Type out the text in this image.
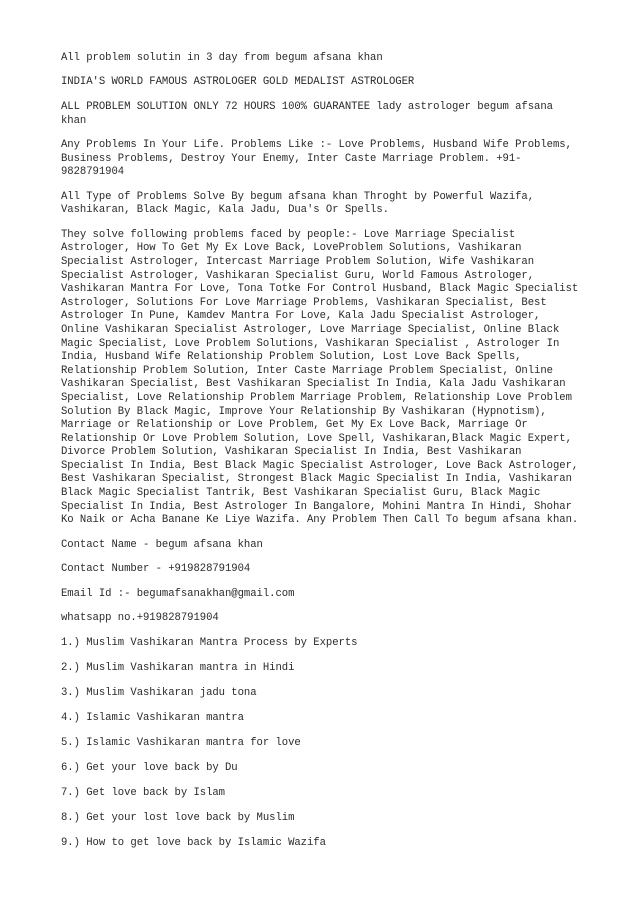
All problem solutin in 3 day from begum afsana khan

INDIA'S WORLD FAMOUS ASTROLOGER GOLD MEDALIST ASTROLOGER

ALL PROBLEM SOLUTION ONLY 72 HOURS 100% GUARANTEE lady astrologer begum afsana khan

Any Problems In Your Life. Problems Like :- Love Problems, Husband Wife Problems, Business Problems, Destroy Your Enemy, Inter Caste Marriage Problem. +91-9828791904

All Type of Problems Solve By begum afsana khan Throght by Powerful Wazifa, Vashikaran, Black Magic, Kala Jadu, Dua's Or Spells.

They solve following problems faced by people:- Love Marriage Specialist Astrologer, How To Get My Ex Love Back, LoveProblem Solutions, Vashikaran Specialist Astrologer, Intercast Marriage Problem Solution, Wife Vashikaran Specialist Astrologer, Vashikaran Specialist Guru, World Famous Astrologer, Vashikaran Mantra For Love, Tona Totke For Control Husband, Black Magic Specialist Astrologer, Solutions For Love Marriage Problems, Vashikaran Specialist, Best Astrologer In Pune, Kamdev Mantra For Love, Kala Jadu Specialist Astrologer, Online Vashikaran Specialist Astrologer, Love Marriage Specialist, Online Black Magic Specialist, Love Problem Solutions, Vashikaran Specialist , Astrologer In India, Husband Wife Relationship Problem Solution, Lost Love Back Spells, Relationship Problem Solution, Inter Caste Marriage Problem Specialist, Online Vashikaran Specialist, Best Vashikaran Specialist In India, Kala Jadu Vashikaran Specialist, Love Relationship Problem Marriage Problem, Relationship Love Problem Solution By Black Magic, Improve Your Relationship By Vashikaran (Hypnotism), Marriage or Relationship or Love Problem, Get My Ex Love Back, Marriage Or Relationship Or Love Problem Solution, Love Spell, Vashikaran,Black Magic Expert, Divorce Problem Solution, Vashikaran Specialist In India, Best Vashikaran Specialist In India, Best Black Magic Specialist Astrologer, Love Back Astrologer, Best Vashikaran Specialist, Strongest Black Magic Specialist In India, Vashikaran Black Magic Specialist Tantrik, Best Vashikaran Specialist Guru, Black Magic Specialist In India, Best Astrologer In Bangalore, Mohini Mantra In Hindi, Shohar Ko Naik or Acha Banane Ke Liye Wazifa. Any Problem Then Call To begum afsana khan.

Contact Name - begum afsana khan

Contact Number - +919828791904

Email Id :- begumafsanakhan@gmail.com

whatsapp no.+919828791904

1.) Muslim Vashikaran Mantra Process by Experts

2.) Muslim Vashikaran mantra in Hindi

3.) Muslim Vashikaran jadu tona

4.) Islamic Vashikaran mantra

5.) Islamic Vashikaran mantra for love

6.) Get your love back by Du

7.) Get love back by Islam

8.) Get your lost love back by Muslim

9.) How to get love back by Islamic Wazifa
